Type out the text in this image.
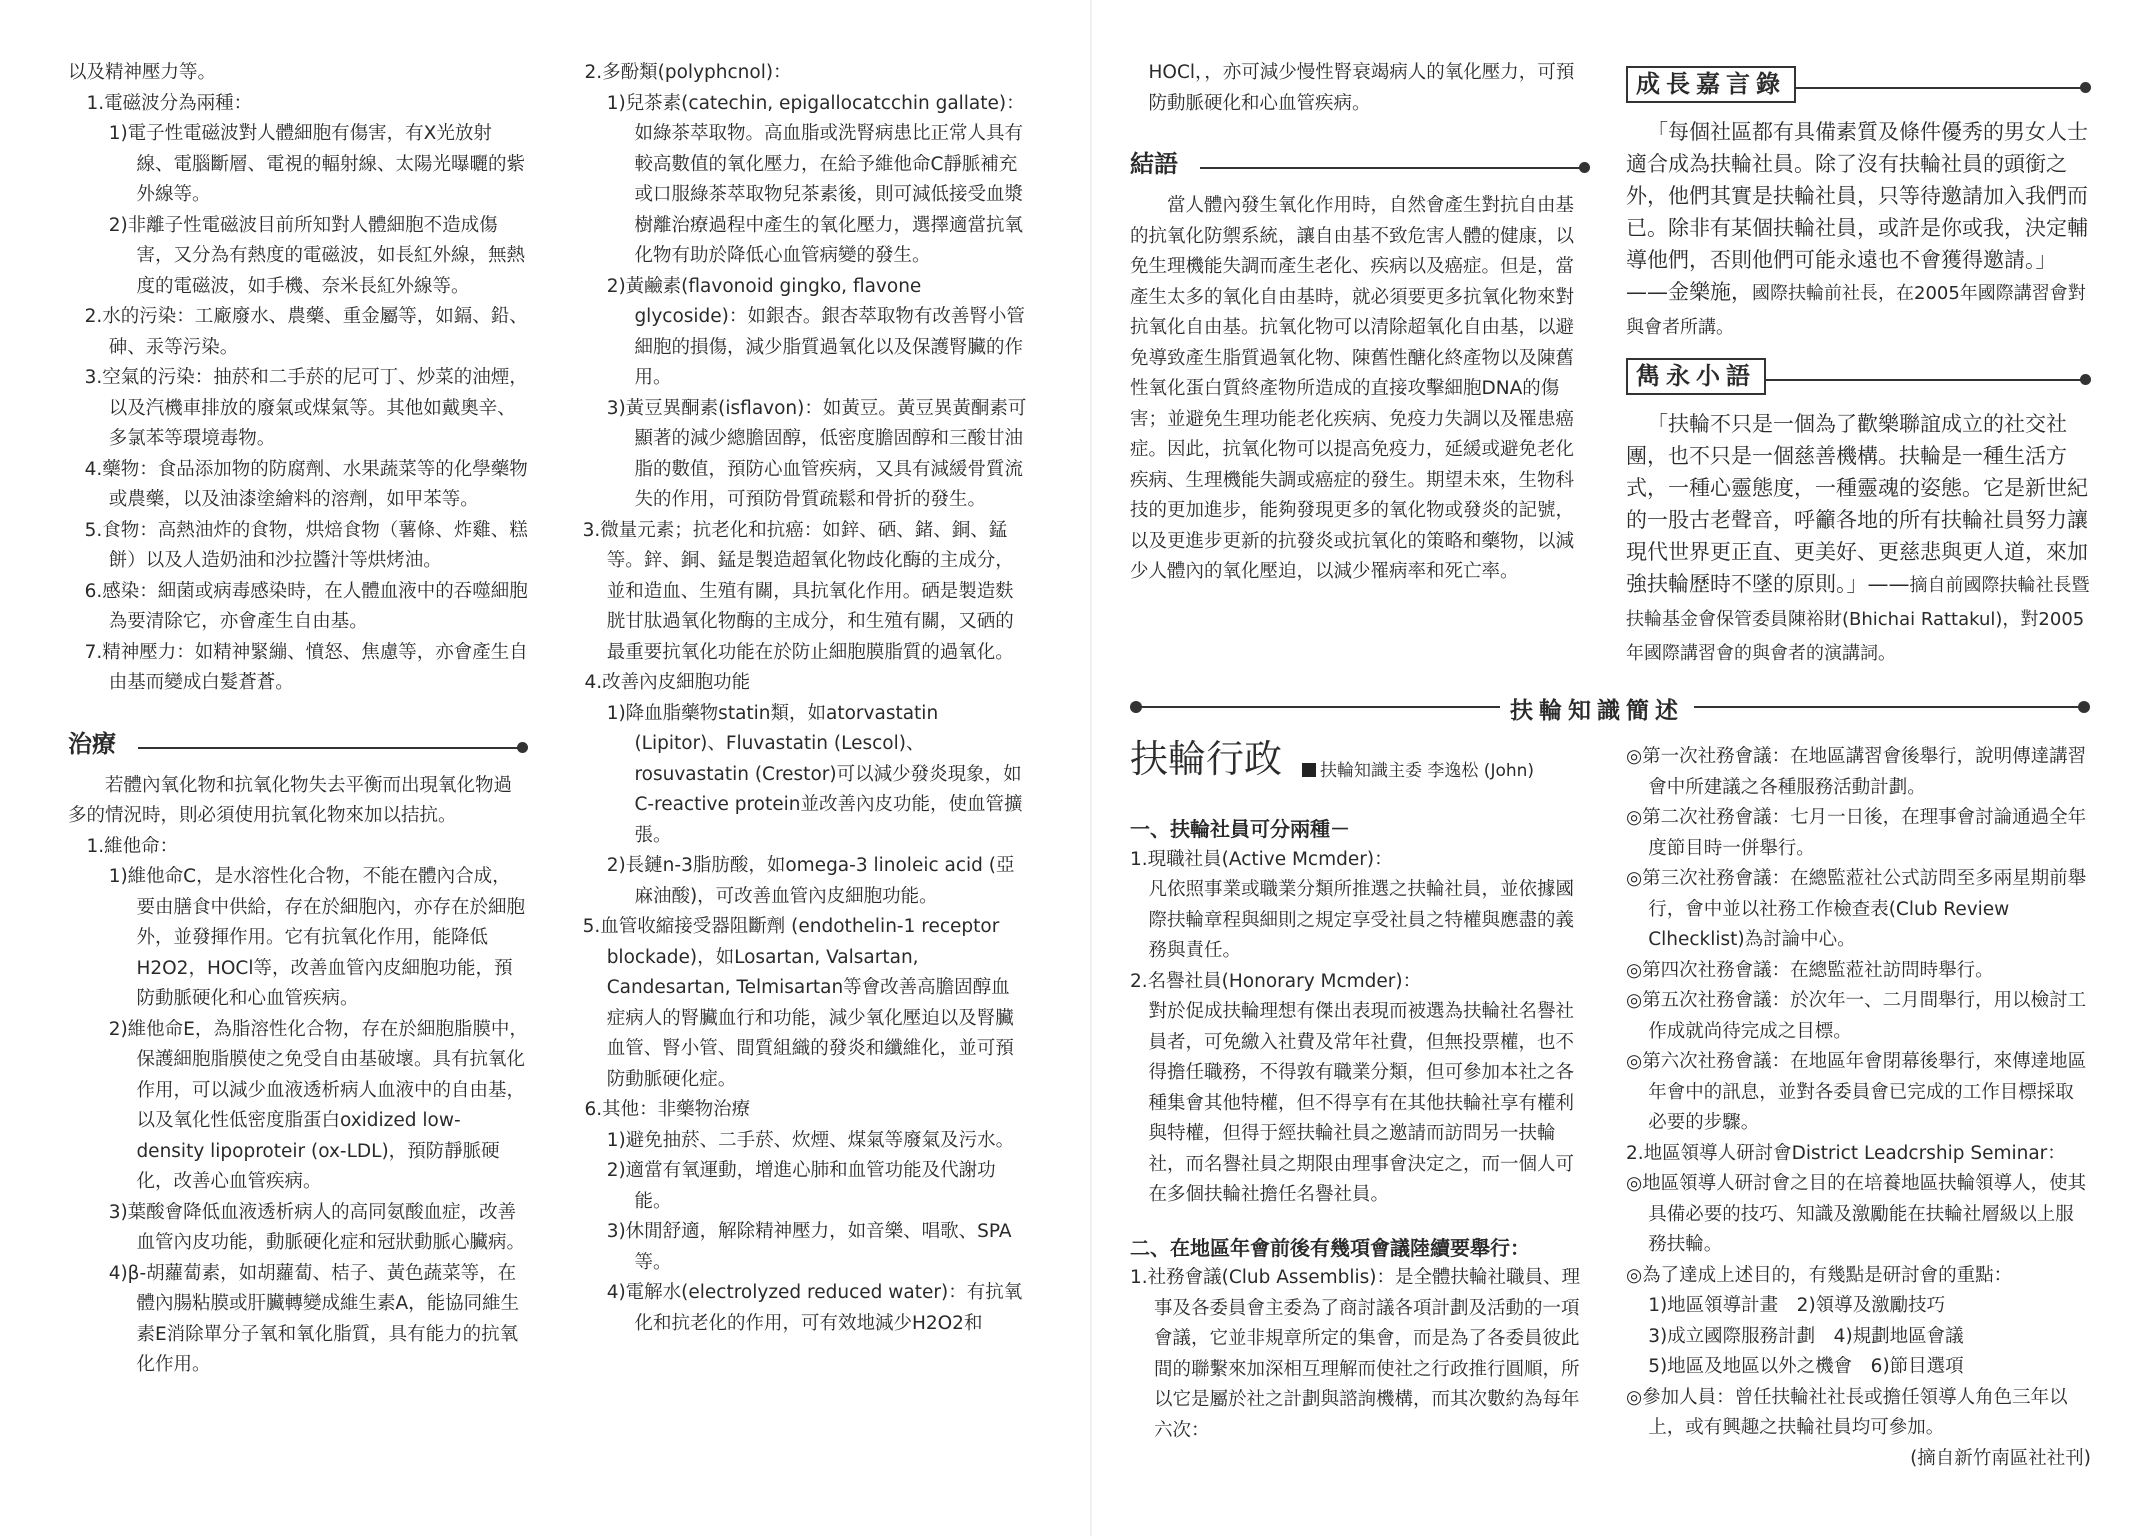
以及精神壓力等。

1.電磁波分為兩種：

1)電子性電磁波對人體細胞有傷害，有X光放射線、電腦斷層、電視的輻射線、太陽光曝曬的紫外線等。

2)非離子性電磁波目前所知對人體細胞不造成傷害，又分為有熱度的電磁波，如長紅外線，無熱度的電磁波，如手機、奈米長紅外線等。

2.水的污染：工廠廢水、農藥、重金屬等，如鎘、鉛、砷、汞等污染。

3.空氣的污染：抽菸和二手菸的尼可丁、炒菜的油煙，以及汽機車排放的廢氣或煤氣等。其他如戴奧辛、多氯苯等環境毒物。

4.藥物：食品添加物的防腐劑、水果蔬菜等的化學藥物或農藥，以及油漆塗繪料的溶劑，如甲苯等。

5.食物：高熱油炸的食物，烘焙食物（薯條、炸雞、糕餅）以及人造奶油和沙拉醬汁等烘烤油。

6.感染：細菌或病毒感染時，在人體血液中的吞噬細胞為要清除它，亦會產生自由基。

7.精神壓力：如精神緊繃、憤怒、焦慮等，亦會產生自由基而變成白髮蒼蒼。

治療

若體內氧化物和抗氧化物失去平衡而出現氧化物過多的情況時，則必須使用抗氧化物來加以拮抗。

1.維他命：

1)維他命C，是水溶性化合物，不能在體內合成，要由膳食中供給，存在於細胞內，亦存在於細胞外，並發揮作用。它有抗氧化作用，能降低H2O2，HOCl等，改善血管內皮細胞功能，預防動脈硬化和心血管疾病。

2)維他命E，為脂溶性化合物，存在於細胞脂膜中，保護細胞脂膜使之免受自由基破壞。具有抗氧化作用，可以減少血液透析病人血液中的自由基，以及氧化性低密度脂蛋白oxidized low-density lipoproteir (ox-LDL)，預防靜脈硬化，改善心血管疾病。

3)葉酸會降低血液透析病人的高同氨酸血症，改善血管內皮功能，動脈硬化症和冠狀動脈心臟病。

4)β-胡蘿蔔素，如胡蘿蔔、桔子、黃色蔬菜等，在體內腸粘膜或肝臟轉變成維生素A，能協同維生素E消除單分子氧和氧化脂質，具有能力的抗氧化作用。

2.多酚類(polyphcnol)：

1)兒茶素(catechin, epigallocatcchin gallate)：如綠茶萃取物。高血脂或洗腎病患比正常人具有較高數值的氧化壓力，在給予維他命C靜脈補充或口服綠茶萃取物兒茶素後，則可減低接受血漿樹離治療過程中產生的氧化壓力，選擇適當抗氧化物有助於降低心血管病變的發生。

2)黃鹼素(flavonoid gingko, flavone glycoside)：如銀杏。銀杏萃取物有改善腎小管細胞的損傷，減少脂質過氧化以及保護腎臟的作用。

3)黃豆異酮素(isflavon)：如黃豆。黃豆異黃酮素可顯著的減少總膽固醇，低密度膽固醇和三酸甘油脂的數值，預防心血管疾病，又具有減緩骨質流失的作用，可預防骨質疏鬆和骨折的發生。

3.微量元素；抗老化和抗癌：如鋅、硒、鍺、銅、錳等。鋅、銅、錳是製造超氧化物歧化酶的主成分，並和造血、生殖有關，具抗氧化作用。硒是製造麩胱甘肽過氧化物酶的主成分，和生殖有關，又硒的最重要抗氧化功能在於防止細胞膜脂質的過氧化。

4.改善內皮細胞功能

1)降血脂藥物statin類，如atorvastatin (Lipitor)、Fluvastatin (Lescol)、rosuvastatin (Crestor)可以減少發炎現象，如C-reactive protein並改善內皮功能，使血管擴張。

2)長鏈n-3脂肪酸，如omega-3 linoleic acid (亞麻油酸)，可改善血管內皮細胞功能。

5.血管收縮接受器阻斷劑 (endothelin-1 receptor blockade)，如Losartan, Valsartan, Candesartan, Telmisartan等會改善高膽固醇血症病人的腎臟血行和功能，減少氧化壓迫以及腎臟血管、腎小管、間質組織的發炎和纖維化，並可預防動脈硬化症。

6.其他：非藥物治療

1)避免抽菸、二手菸、炊煙、煤氣等廢氣及污水。

2)適當有氧運動，增進心肺和血管功能及代謝功能。

3)休閒舒適，解除精神壓力，如音樂、唱歌、SPA等。

4)電解水(electrolyzed reduced water)：有抗氧化和抗老化的作用，可有效地減少H2O2和

HOCl，，亦可減少慢性腎衰竭病人的氧化壓力，可預防動脈硬化和心血管疾病。

結語

當人體內發生氧化作用時，自然會產生對抗自由基的抗氧化防禦系統，讓自由基不致危害人體的健康，以免生理機能失調而產生老化、疾病以及癌症。但是，當產生太多的氧化自由基時，就必須要更多抗氧化物來對抗氧化自由基。抗氧化物可以清除超氧化自由基，以避免導致產生脂質過氧化物、陳舊性醣化終產物以及陳舊性氧化蛋白質終產物所造成的直接攻擊細胞DNA的傷害；並避免生理功能老化疾病、免疫力失調以及罹患癌症。因此，抗氧化物可以提高免疫力，延緩或避免老化疾病、生理機能失調或癌症的發生。期望未來，生物科技的更加進步，能夠發現更多的氧化物或發炎的記號，以及更進步更新的抗發炎或抗氧化的策略和藥物，以減少人體內的氧化壓迫，以減少罹病率和死亡率。

成長嘉言錄

「每個社區都有具備素質及條件優秀的男女人士適合成為扶輪社員。除了沒有扶輪社員的頭銜之外，他們其實是扶輪社員，只等待邀請加入我們而已。除非有某個扶輪社員，或許是你或我，決定輔導他們，否則他們可能永遠也不會獲得邀請。」——金樂施，國際扶輪前社長，在2005年國際講習會對與會者所講。

雋永小語

「扶輪不只是一個為了歡樂聯誼成立的社交社團，也不只是一個慈善機構。扶輪是一種生活方式，一種心靈態度，一種靈魂的姿態。它是新世紀的一股古老聲音，呼籲各地的所有扶輪社員努力讓現代世界更正直、更美好、更慈悲與更人道，來加強扶輪歷時不墜的原則。」——摘自前國際扶輪社長暨扶輪基金會保管委員陳裕財(Bhichai Rattakul)，對2005年國際講習會的與會者的演講詞。

扶輪知識簡述
扶輪行政	扶輪知識主委 李逸松 (John)

一、扶輪社員可分兩種－

1.現職社員(Active Mcmder)：

凡依照事業或職業分類所推選之扶輪社員，並依據國際扶輪章程與細則之規定享受社員之特權與應盡的義務與責任。

2.名譽社員(Honorary Mcmder)：

對於促成扶輪理想有傑出表現而被選為扶輪社名譽社員者，可免繳入社費及常年社費，但無投票權，也不得擔任職務，不得敦有職業分類，但可參加本社之各種集會其他特權，但不得享有在其他扶輪社享有權利與特權，但得于經扶輪社員之邀請而訪問另一扶輪社，而名譽社員之期限由理事會決定之，而一個人可在多個扶輪社擔任名譽社員。

二、在地區年會前後有幾項會議陸續要舉行：

1.社務會議(Club Assemblis)：是全體扶輪社職員、理事及各委員會主委為了商討議各項計劃及活動的一項會議，它並非規章所定的集會，而是為了各委員彼此間的聯繫來加深相互理解而使社之行政推行圓順，所以它是屬於社之計劃與諮詢機構，而其次數約為每年六次：

◎第一次社務會議：在地區講習會後舉行，說明傳達講習會中所建議之各種服務活動計劃。

◎第二次社務會議：七月一日後，在理事會討論通過全年度節目時一併舉行。

◎第三次社務會議：在總監蒞社公式訪問至多兩星期前舉行，會中並以社務工作檢查表(Club Review Clhecklist)為討論中心。

◎第四次社務會議：在總監蒞社訪問時舉行。

◎第五次社務會議：於次年一、二月間舉行，用以檢討工作成就尚待完成之目標。

◎第六次社務會議：在地區年會閉幕後舉行，來傳達地區年會中的訊息，並對各委員會已完成的工作目標採取必要的步驟。

2.地區領導人研討會District Leadcrship Seminar：

◎地區領導人研討會之目的在培養地區扶輪領導人，使其具備必要的技巧、知識及激勵能在扶輪社層級以上服務扶輪。

◎為了達成上述目的，有幾點是研討會的重點：

1)地區領導計畫　2)領導及激勵技巧

3)成立國際服務計劃　4)規劃地區會議

5)地區及地區以外之機會　6)節目選項

◎參加人員：曾任扶輪社社長或擔任領導人角色三年以上，或有興趣之扶輪社員均可參加。

(摘自新竹南區社社刊)
